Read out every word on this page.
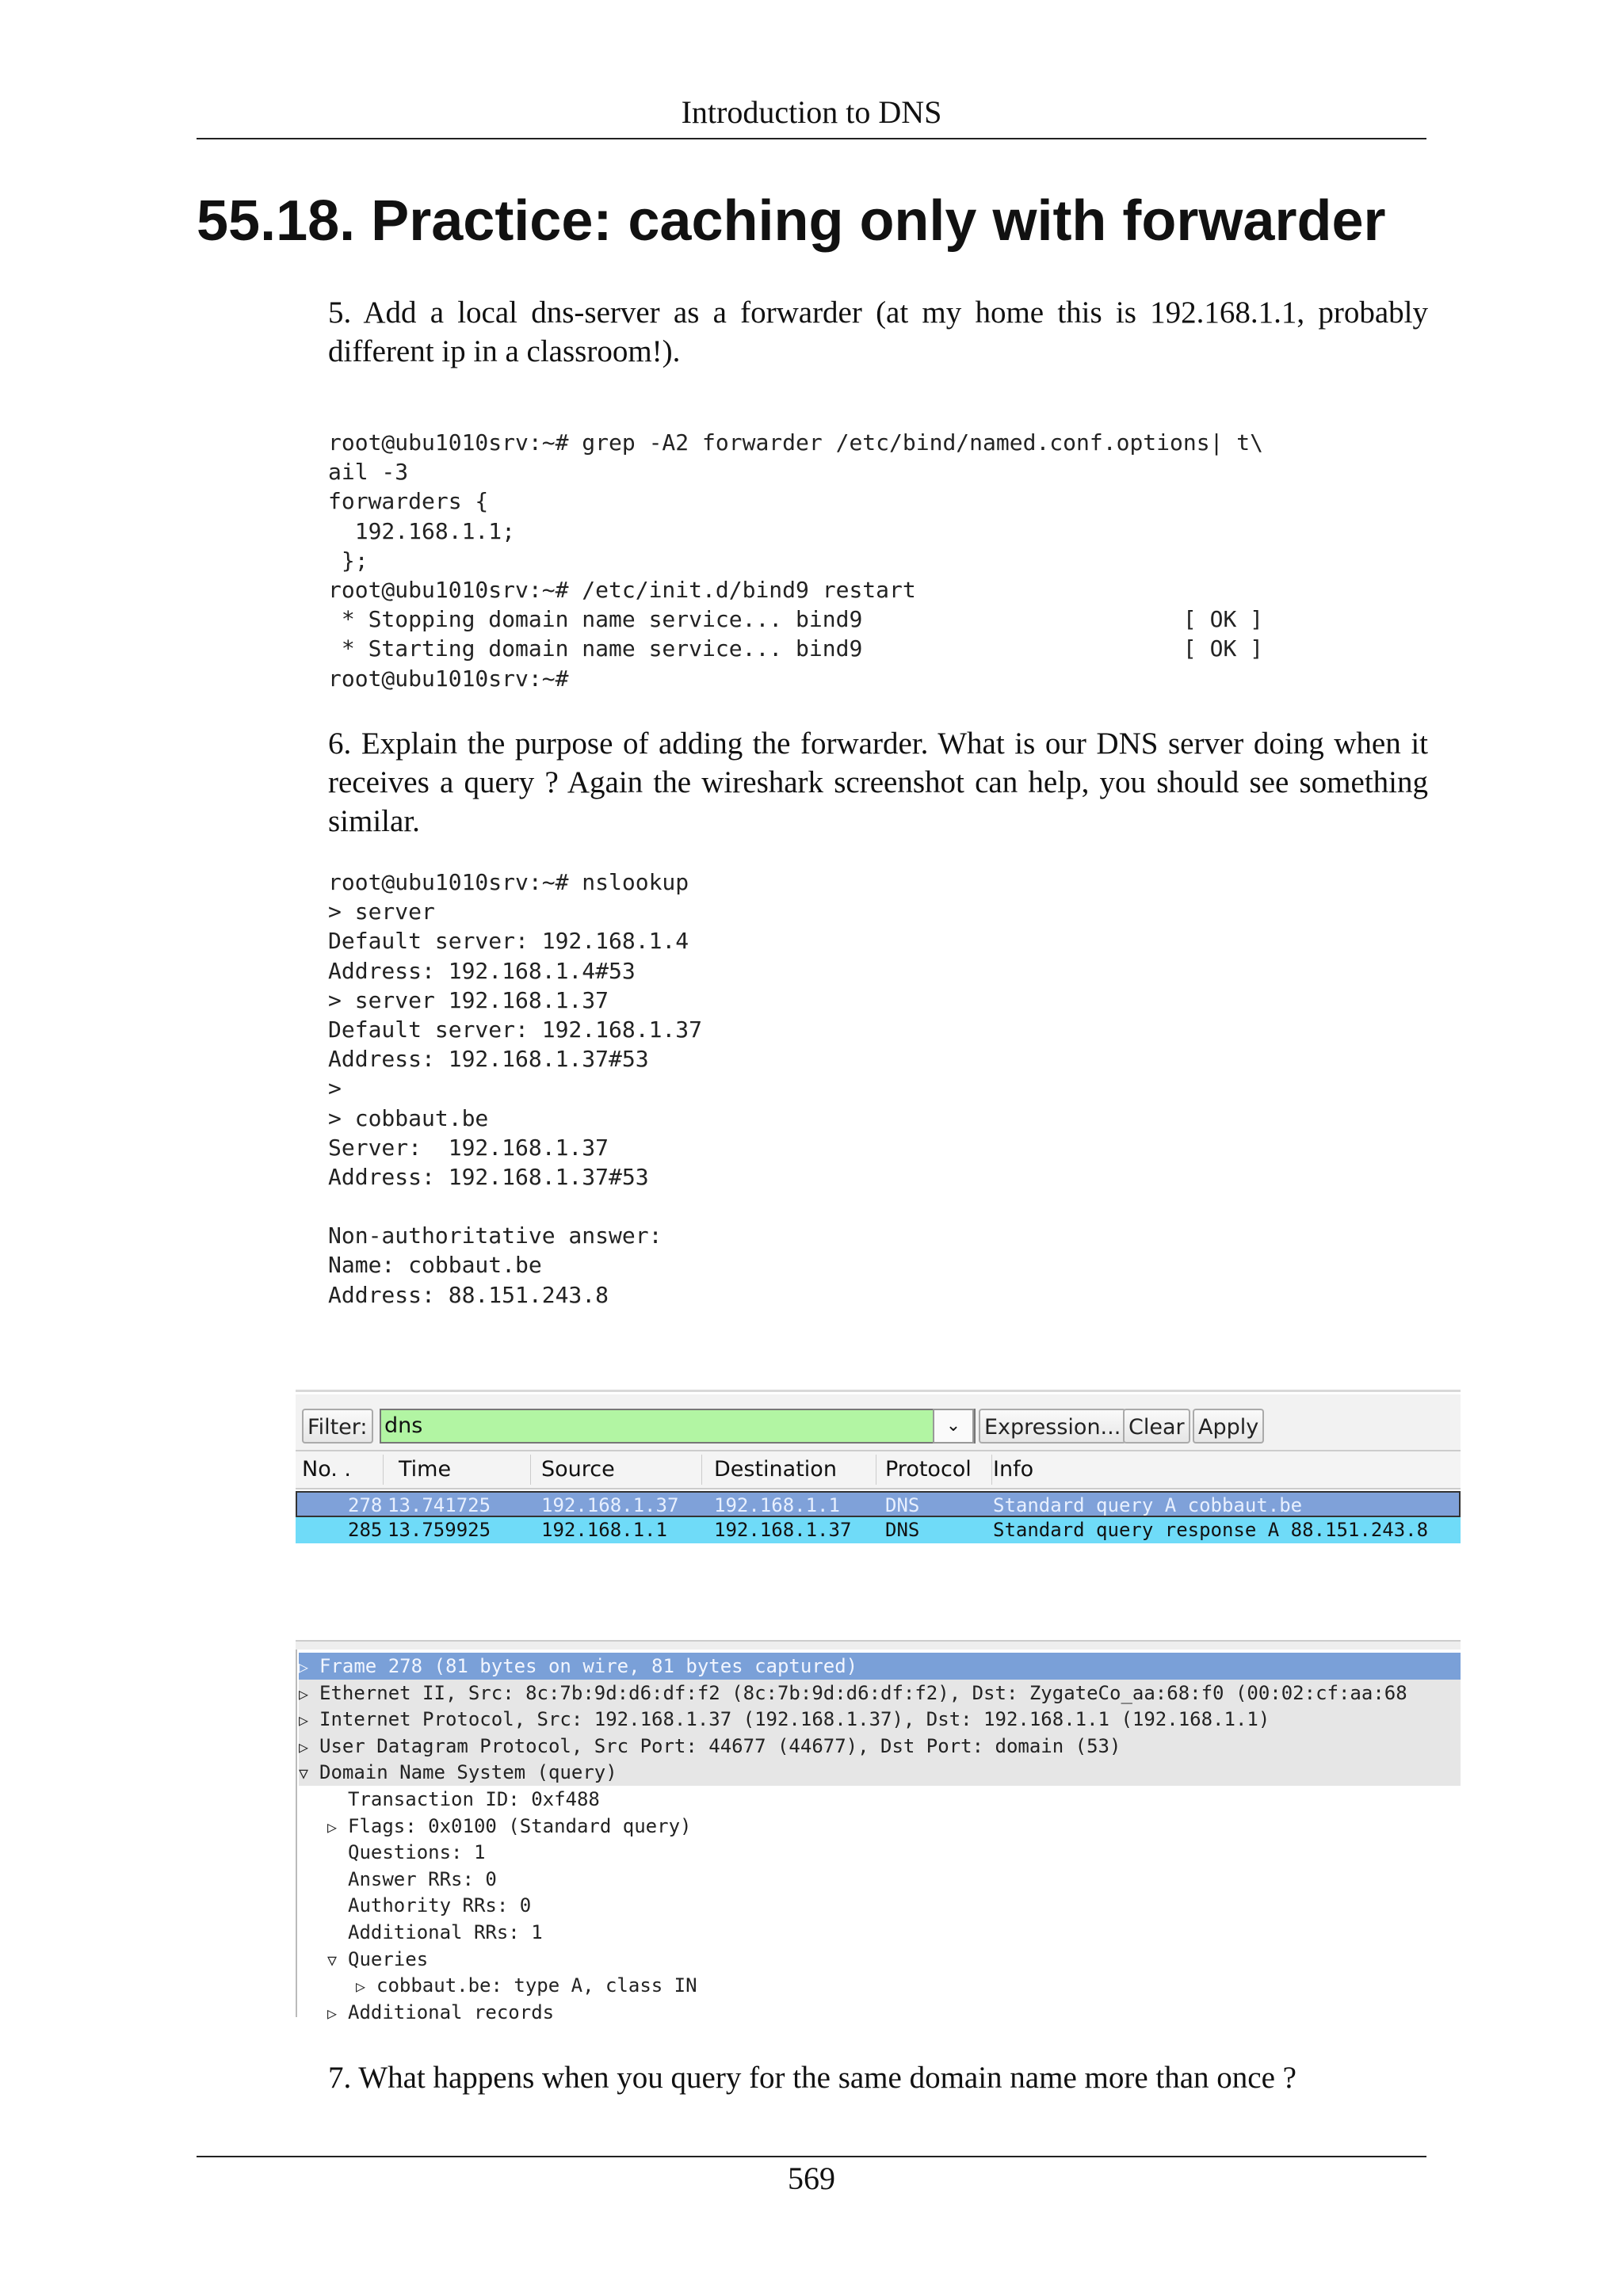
Introduction to DNS
55.18. Practice: caching only with forwarder
5. Add a local dns-server as a forwarder (at my home this is 192.168.1.1, probably different ip in a classroom!).
root@ubu1010srv:~# grep -A2 forwarder /etc/bind/named.conf.options| t\
ail -3
forwarders {
192.168.1.1;
};
root@ubu1010srv:~# /etc/init.d/bind9 restart
* Stopping domain name service... bind9                        [ OK ]
* Starting domain name service... bind9                        [ OK ]
root@ubu1010srv:~#
6. Explain the purpose of adding the forwarder. What is our DNS server doing when it receives a query ? Again the wireshark screenshot can help, you should see something similar.
root@ubu1010srv:~# nslookup
> server
Default server: 192.168.1.4
Address: 192.168.1.4#53
> server 192.168.1.37
Default server: 192.168.1.37
Address: 192.168.1.37#53
>
> cobbaut.be
Server:  192.168.1.37
Address: 192.168.1.37#53
Non-authoritative answer:
Name: cobbaut.be
Address: 88.151.243.8
Filter: dns	⌄	Expression... Clear Apply
No. . Time	Source	Destination Protocol Info
278 13.741725	192.168.1.37 192.168.1.1 DNS	Standard query A cobbaut.be
285 13.759925	192.168.1.1 192.168.1.37 DNS	Standard query response A 88.151.243.8
▷ Frame 278 (81 bytes on wire, 81 bytes captured)
▷ Ethernet II, Src: 8c:7b:9d:d6:df:f2 (8c:7b:9d:d6:df:f2), Dst: ZygateCo_aa:68:f0 (00:02:cf:aa:68
▷ Internet Protocol, Src: 192.168.1.37 (192.168.1.37), Dst: 192.168.1.1 (192.168.1.1)
▷ User Datagram Protocol, Src Port: 44677 (44677), Dst Port: domain (53)
▽ Domain Name System (query)
Transaction ID: 0xf488
▷ Flags: 0x0100 (Standard query)
Questions: 1
Answer RRs: 0
Authority RRs: 0
Additional RRs: 1
▽ Queries
▷ cobbaut.be: type A, class IN
▷ Additional records
7. What happens when you query for the same domain name more than once ?
569
